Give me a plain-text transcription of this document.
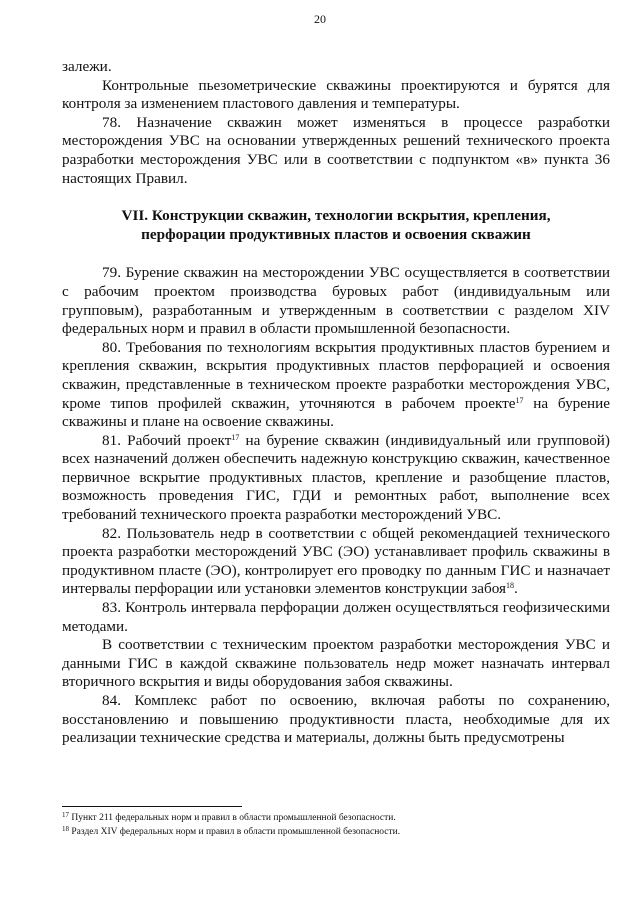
20

залежи.

Контрольные пьезометрические скважины проектируются и бурятся для контроля за изменением пластового давления и температуры.

78. Назначение скважин может изменяться в процессе разработки месторождения УВС на основании утвержденных решений технического проекта разработки месторождения УВС или в соответствии с подпунктом «в» пункта 36 настоящих Правил.

VII. Конструкции скважин, технологии вскрытия, крепления, перфорации продуктивных пластов и освоения скважин

79. Бурение скважин на месторождении УВС осуществляется в соответствии с рабочим проектом производства буровых работ (индивидуальным или групповым), разработанным и утвержденным в соответствии с разделом XIV федеральных норм и правил в области промышленной безопасности.

80. Требования по технологиям вскрытия продуктивных пластов бурением и крепления скважин, вскрытия продуктивных пластов перфорацией и освоения скважин, представленные в техническом проекте разработки месторождения УВС, кроме типов профилей скважин, уточняются в рабочем проекте$^{17}$ на бурение скважины и плане на освоение скважины.

81. Рабочий проект$^{17}$ на бурение скважин (индивидуальный или групповой) всех назначений должен обеспечить надежную конструкцию скважин, качественное первичное вскрытие продуктивных пластов, крепление и разобщение пластов, возможность проведения ГИС, ГДИ и ремонтных работ, выполнение всех требований технического проекта разработки месторождений УВС.

82. Пользователь недр в соответствии с общей рекомендацией технического проекта разработки месторождений УВС (ЭО) устанавливает профиль скважины в продуктивном пласте (ЭО), контролирует его проводку по данным ГИС и назначает интервалы перфорации или установки элементов конструкции забоя$^{18}$.

83. Контроль интервала перфорации должен осуществляться геофизическими методами.

В соответствии с техническим проектом разработки месторождения УВС и данными ГИС в каждой скважине пользователь недр может назначать интервал вторичного вскрытия и виды оборудования забоя скважины.

84. Комплекс работ по освоению, включая работы по сохранению, восстановлению и повышению продуктивности пласта, необходимые для их реализации технические средства и материалы, должны быть предусмотрены

$^{17}$ Пункт 211 федеральных норм и правил в области промышленной безопасности.

$^{18}$ Раздел XIV федеральных норм и правил в области промышленной безопасности.
